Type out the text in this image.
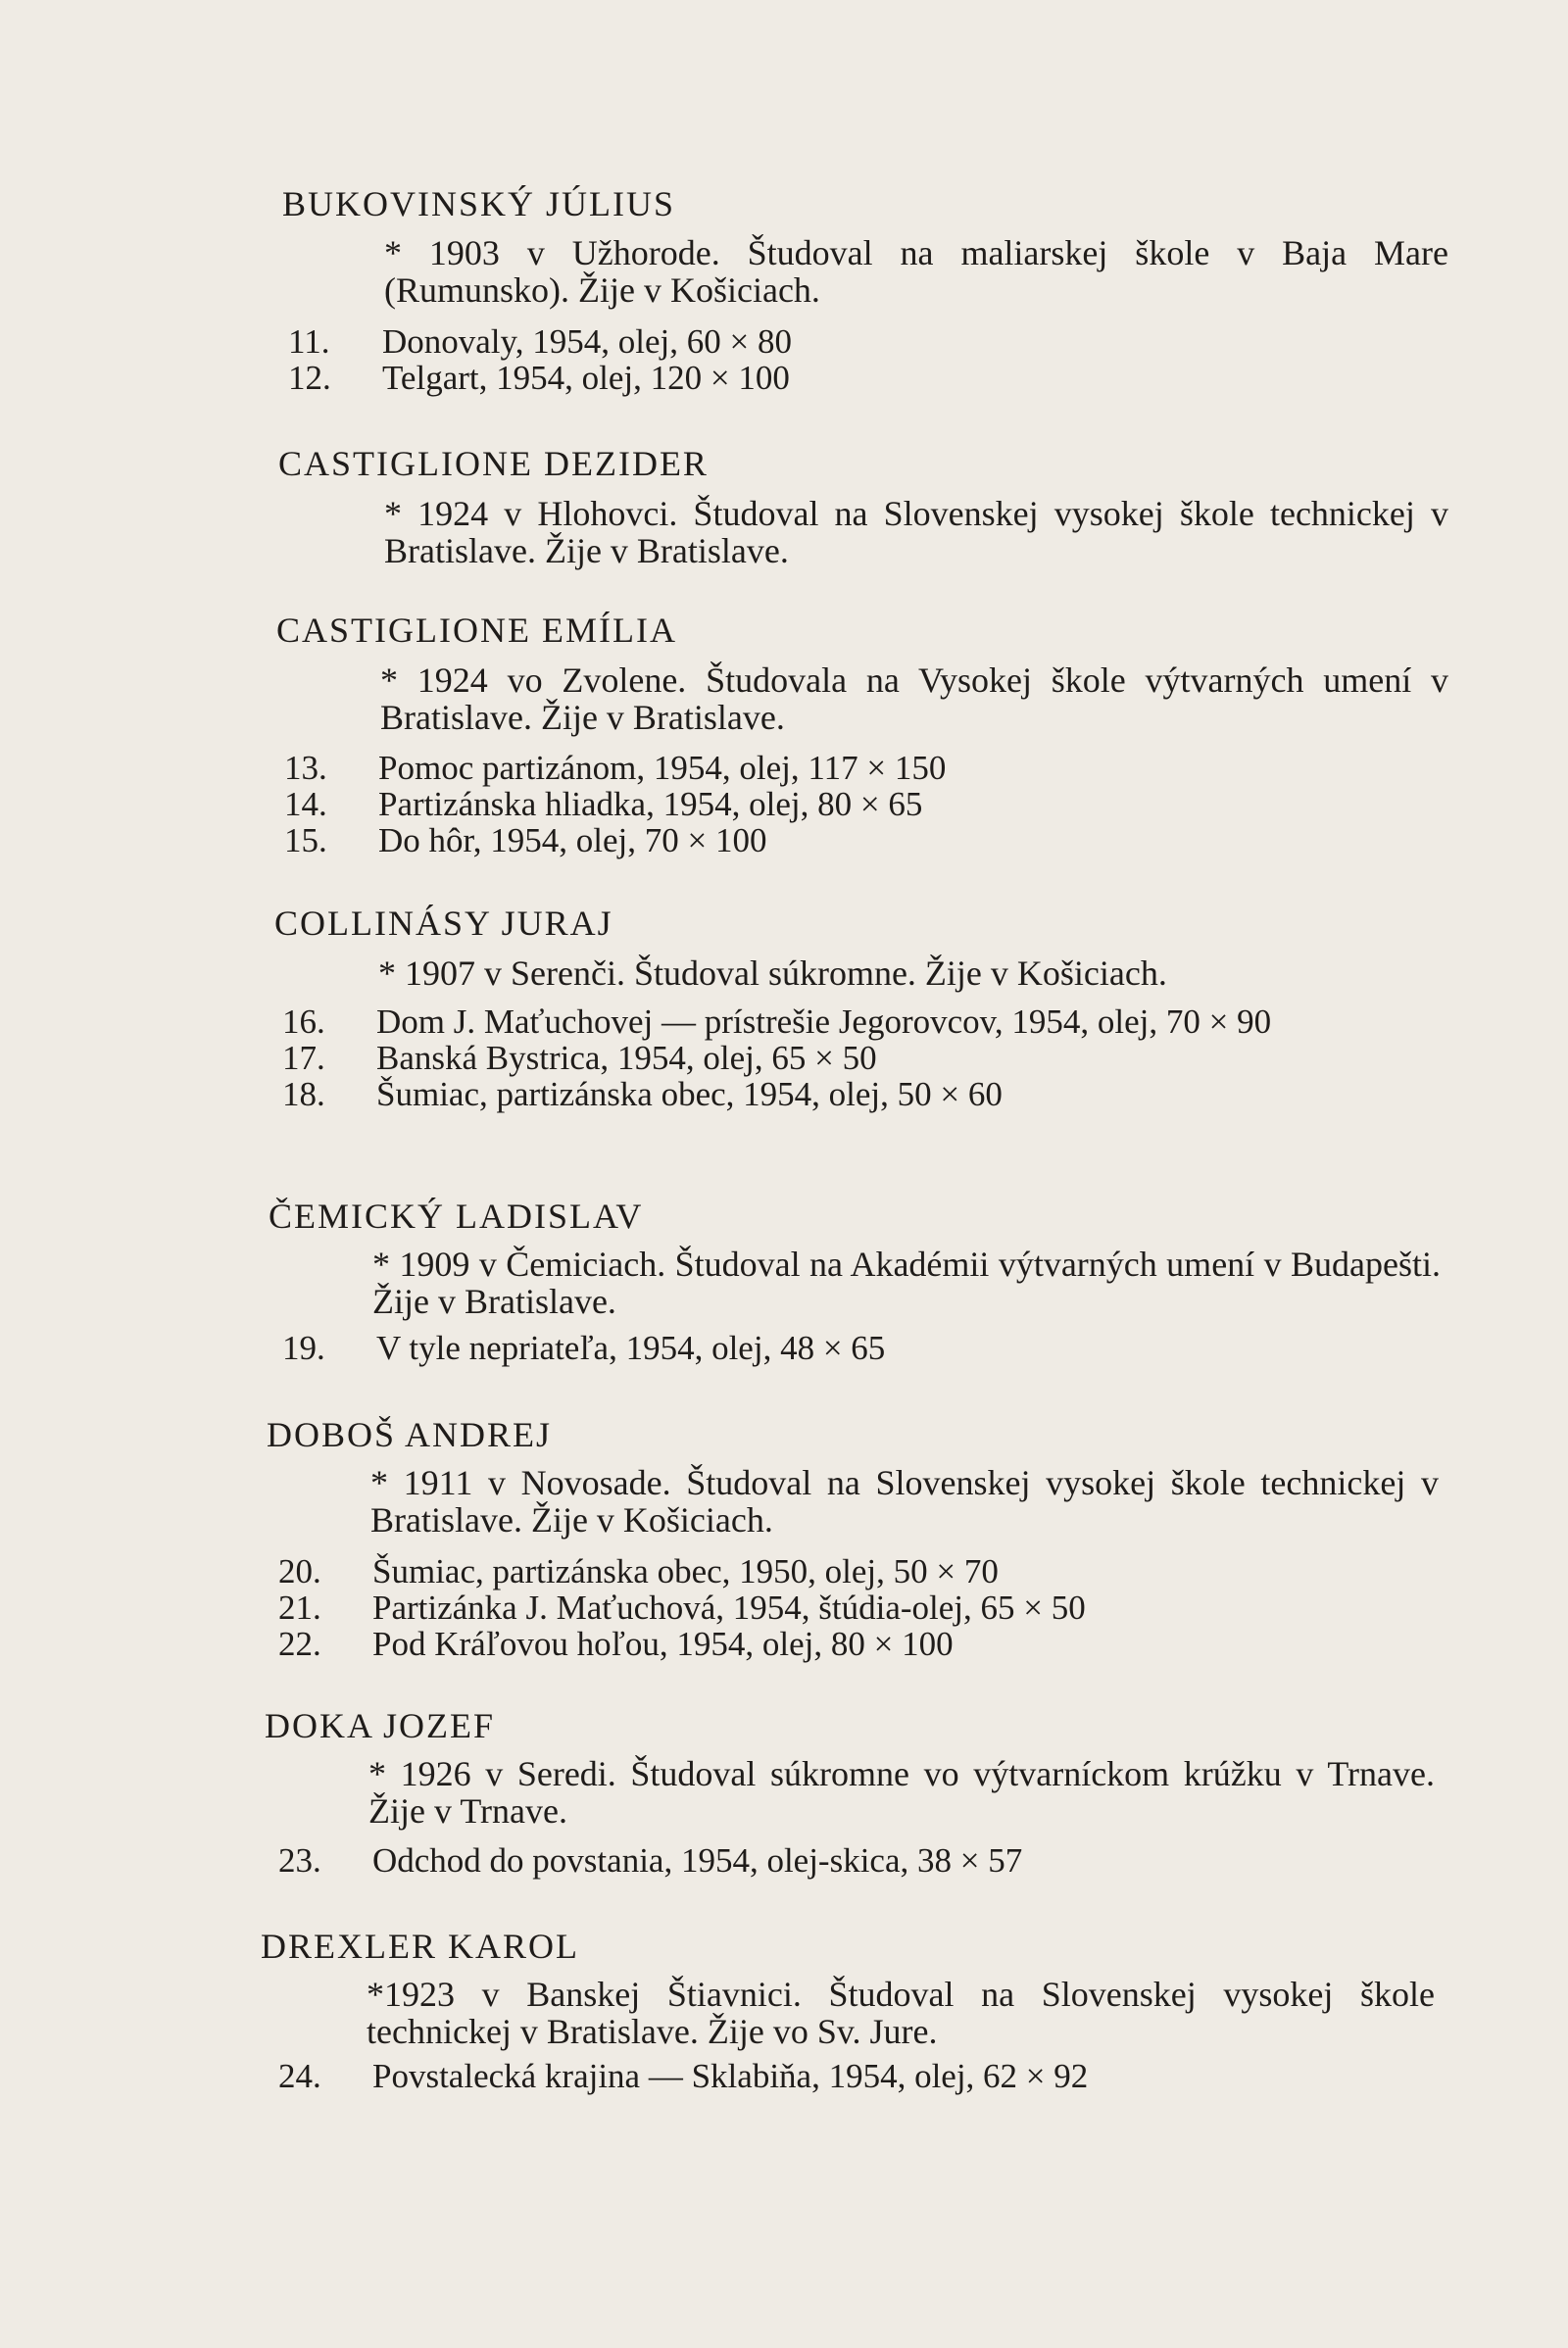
BUKOVINSKÝ JÚLIUS
* 1903 v Užhorode. Študoval na maliarskej škole v Baja Mare (Rumunsko). Žije v Košiciach.
11.	Donovaly, 1954, olej, 60 × 80
12.	Telgart, 1954, olej, 120 × 100
CASTIGLIONE DEZIDER
* 1924 v Hlohovci. Študoval na Slovenskej vysokej škole technickej v Bratislave. Žije v Bratislave.
CASTIGLIONE EMÍLIA
* 1924 vo Zvolene. Študovala na Vysokej škole výtvarných umení v Bratislave. Žije v Bratislave.
13.	Pomoc partizánom, 1954, olej, 117 × 150
14.	Partizánska hliadka, 1954, olej, 80 × 65
15.	Do hôr, 1954, olej, 70 × 100
COLLINÁSY JURAJ
* 1907 v Serenči. Študoval súkromne. Žije v Košiciach.
16.	Dom J. Maťuchovej — prístrešie Jegorovcov, 1954, olej, 70 × 90
17.	Banská Bystrica, 1954, olej, 65 × 50
18.	Šumiac, partizánska obec, 1954, olej, 50 × 60
ČEMICKÝ LADISLAV
* 1909 v Čemiciach. Študoval na Akadémii výtvarných umení v Budapešti. Žije v Bratislave.
19.	V tyle nepriateľa, 1954, olej, 48 × 65
DOBOŠ ANDREJ
* 1911 v Novosade. Študoval na Slovenskej vysokej škole technickej v Bratislave. Žije v Košiciach.
20.	Šumiac, partizánska obec, 1950, olej, 50 × 70
21.	Partizánka J. Maťuchová, 1954, štúdia-olej, 65 × 50
22.	Pod Kráľovou hoľou, 1954, olej, 80 × 100
DOKA JOZEF
* 1926 v Seredi. Študoval súkromne vo výtvarníckom krúžku v Trnave. Žije v Trnave.
23.	Odchod do povstania, 1954, olej-skica, 38 × 57
DREXLER KAROL
*1923 v Banskej Štiavnici. Študoval na Slovenskej vysokej škole technickej v Bratislave. Žije vo Sv. Jure.
24.	Povstalecká krajina — Sklabiňa, 1954, olej, 62 × 92
